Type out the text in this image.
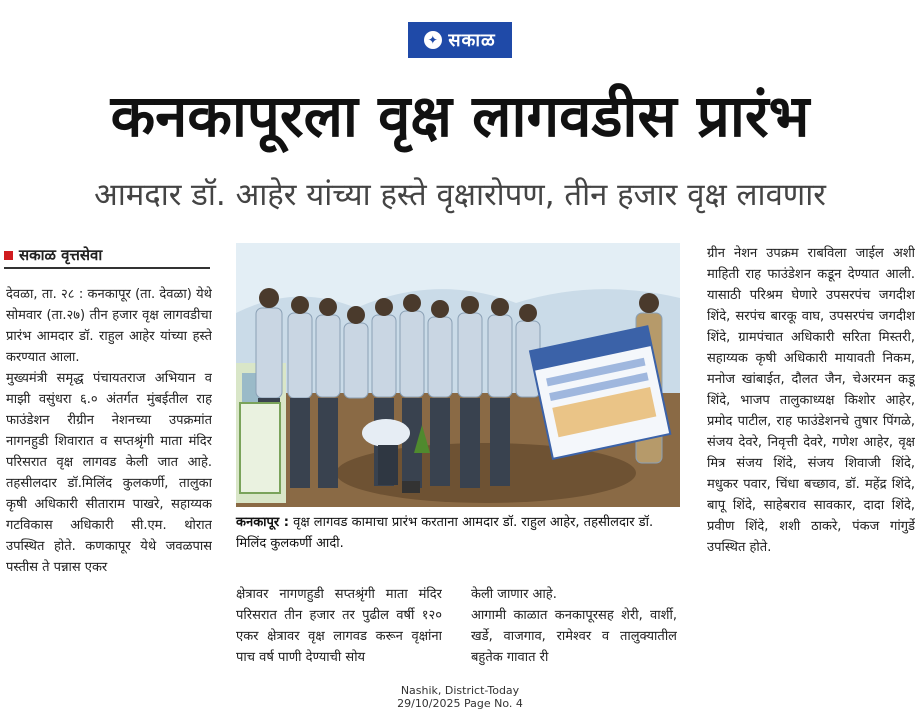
✦ सकाळ
कनकापूरला वृक्ष लागवडीस प्रारंभ
आमदार डॉ. आहेर यांच्या हस्ते वृक्षारोपण, तीन हजार वृक्ष लावणार
सकाळ वृत्तसेवा
देवळा, ता. २८ : कनकापूर (ता. देवळा) येथे सोमवार (ता.२७) तीन हजार वृक्ष लागवडीचा प्रारंभ आमदार डॉ. राहुल आहेर यांच्या हस्ते करण्यात आला.
मुख्यमंत्री समृद्ध पंचायतराज अभियान व माझी वसुंधरा ६.० अंतर्गत मुंबईतील राह फाउंडेशन रीग्रीन नेशनच्या उपक्रमांत नागनहुडी शिवारात व सप्तश्रृंगी माता मंदिर परिसरात वृक्ष लागवड केली जात आहे. तहसीलदार डॉ.मिलिंद कुलकर्णी, तालुका कृषी अधिकारी सीताराम पाखरे, सहाय्यक गटविकास अधिकारी सी.एम. थोरात उपस्थित होते. कणकापूर येथे जवळपास पस्तीस ते पन्नास एकर
कनकापूर : वृक्ष लागवड कामाचा प्रारंभ करताना आमदार डॉ. राहुल आहेर, तहसीलदार डॉ. मिलिंद कुलकर्णी आदी.
क्षेत्रावर नागणहुडी सप्तश्रृंगी माता मंदिर परिसरात तीन हजार तर पुढील वर्षी १२० एकर क्षेत्रावर वृक्ष लागवड करून वृक्षांना पाच वर्ष पाणी देण्याची सोय
केली जाणार आहे.
आगामी काळात कनकापूरसह शेरी, वार्शी, खर्डे, वाजगाव, रामेश्वर व तालुक्यातील बहुतेक गावात री
ग्रीन नेशन उपक्रम राबविला जाईल अशी माहिती राह फाउंडेशन कडून देण्यात आली. यासाठी परिश्रम घेणारे उपसरपंच जगदीश शिंदे, सरपंच बारकू वाघ, उपसरपंच जगदीश शिंदे, ग्रामपंचात अधिकारी सरिता मिस्तरी, सहाय्यक कृषी अधिकारी मायावती निकम, मनोज खांबाईत, दौलत जैन, चेअरमन कडू शिंदे, भाजप तालुकाध्यक्ष किशोर आहेर, प्रमोद पाटील, राह फाउंडेशनचे तुषार पिंगळे, संजय देवरे, निवृत्ती देवरे, गणेश आहेर, वृक्ष मित्र संजय शिंदे, संजय शिवाजी शिंदे, मधुकर पवार, चिंधा बच्छाव, डॉ. महेंद्र शिंदे, बापू शिंदे, साहेबराव सावकार, दादा शिंदे, प्रवीण शिंदे, शशी ठाकरे, पंकज गांगुर्डे उपस्थित होते.
Nashik, District-Today
29/10/2025 Page No. 4
